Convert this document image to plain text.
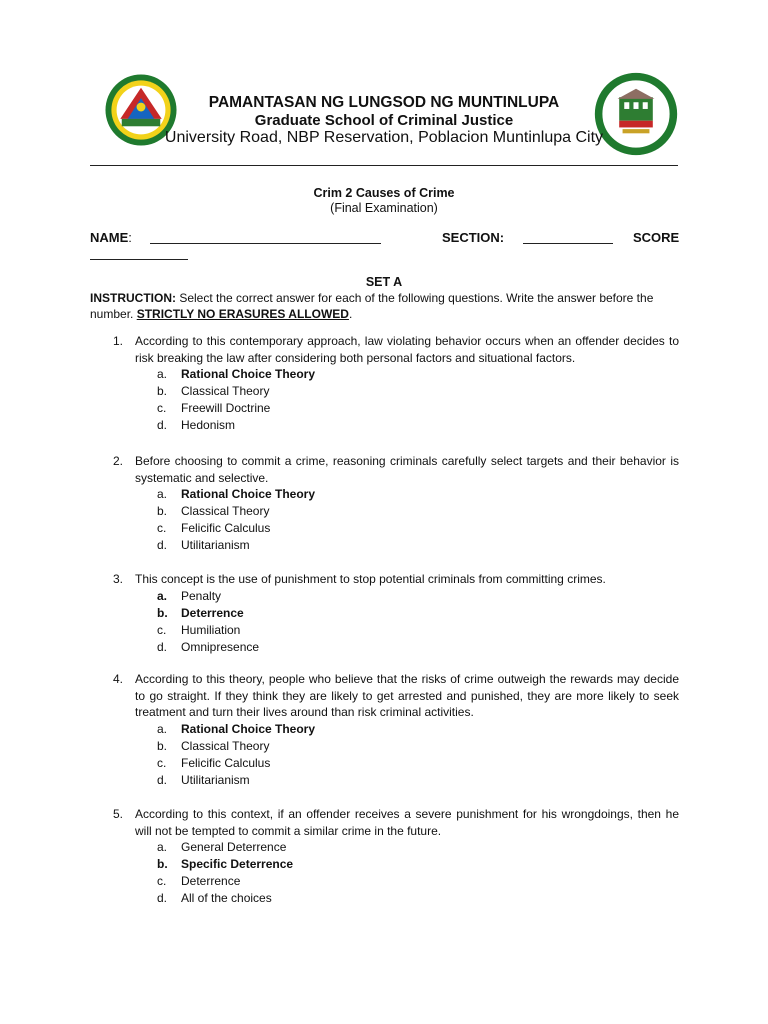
PAMANTASAN NG LUNGSOD NG MUNTINLUPA
Graduate School of Criminal Justice
University Road, NBP Reservation, Poblacion Muntinlupa City
Crim 2 Causes of Crime
(Final Examination)
NAME:	SECTION:	SCORE
SET A
INSTRUCTION: Select the correct answer for each of the following questions. Write the answer before the number. STRICTLY NO ERASURES ALLOWED.
1. According to this contemporary approach, law violating behavior occurs when an offender decides to risk breaking the law after considering both personal factors and situational factors.
a.	Rational Choice Theory
b.	Classical Theory
c.	Freewill Doctrine
d.	Hedonism
2. Before choosing to commit a crime, reasoning criminals carefully select targets and their behavior is systematic and selective.
a.	Rational Choice Theory
b.	Classical Theory
c.	Felicific Calculus
d.	Utilitarianism
3. This concept is the use of punishment to stop potential criminals from committing crimes.
a.	Penalty
b.	Deterrence
c.	Humiliation
d.	Omnipresence
4. According to this theory, people who believe that the risks of crime outweigh the rewards may decide to go straight. If they think they are likely to get arrested and punished, they are more likely to seek treatment and turn their lives around than risk criminal activities.
a.	Rational Choice Theory
b.	Classical Theory
c.	Felicific Calculus
d.	Utilitarianism
5. According to this context, if an offender receives a severe punishment for his wrongdoings, then he will not be tempted to commit a similar crime in the future.
a.	General Deterrence
b.	Specific Deterrence
c.	Deterrence
d.	All of the choices
